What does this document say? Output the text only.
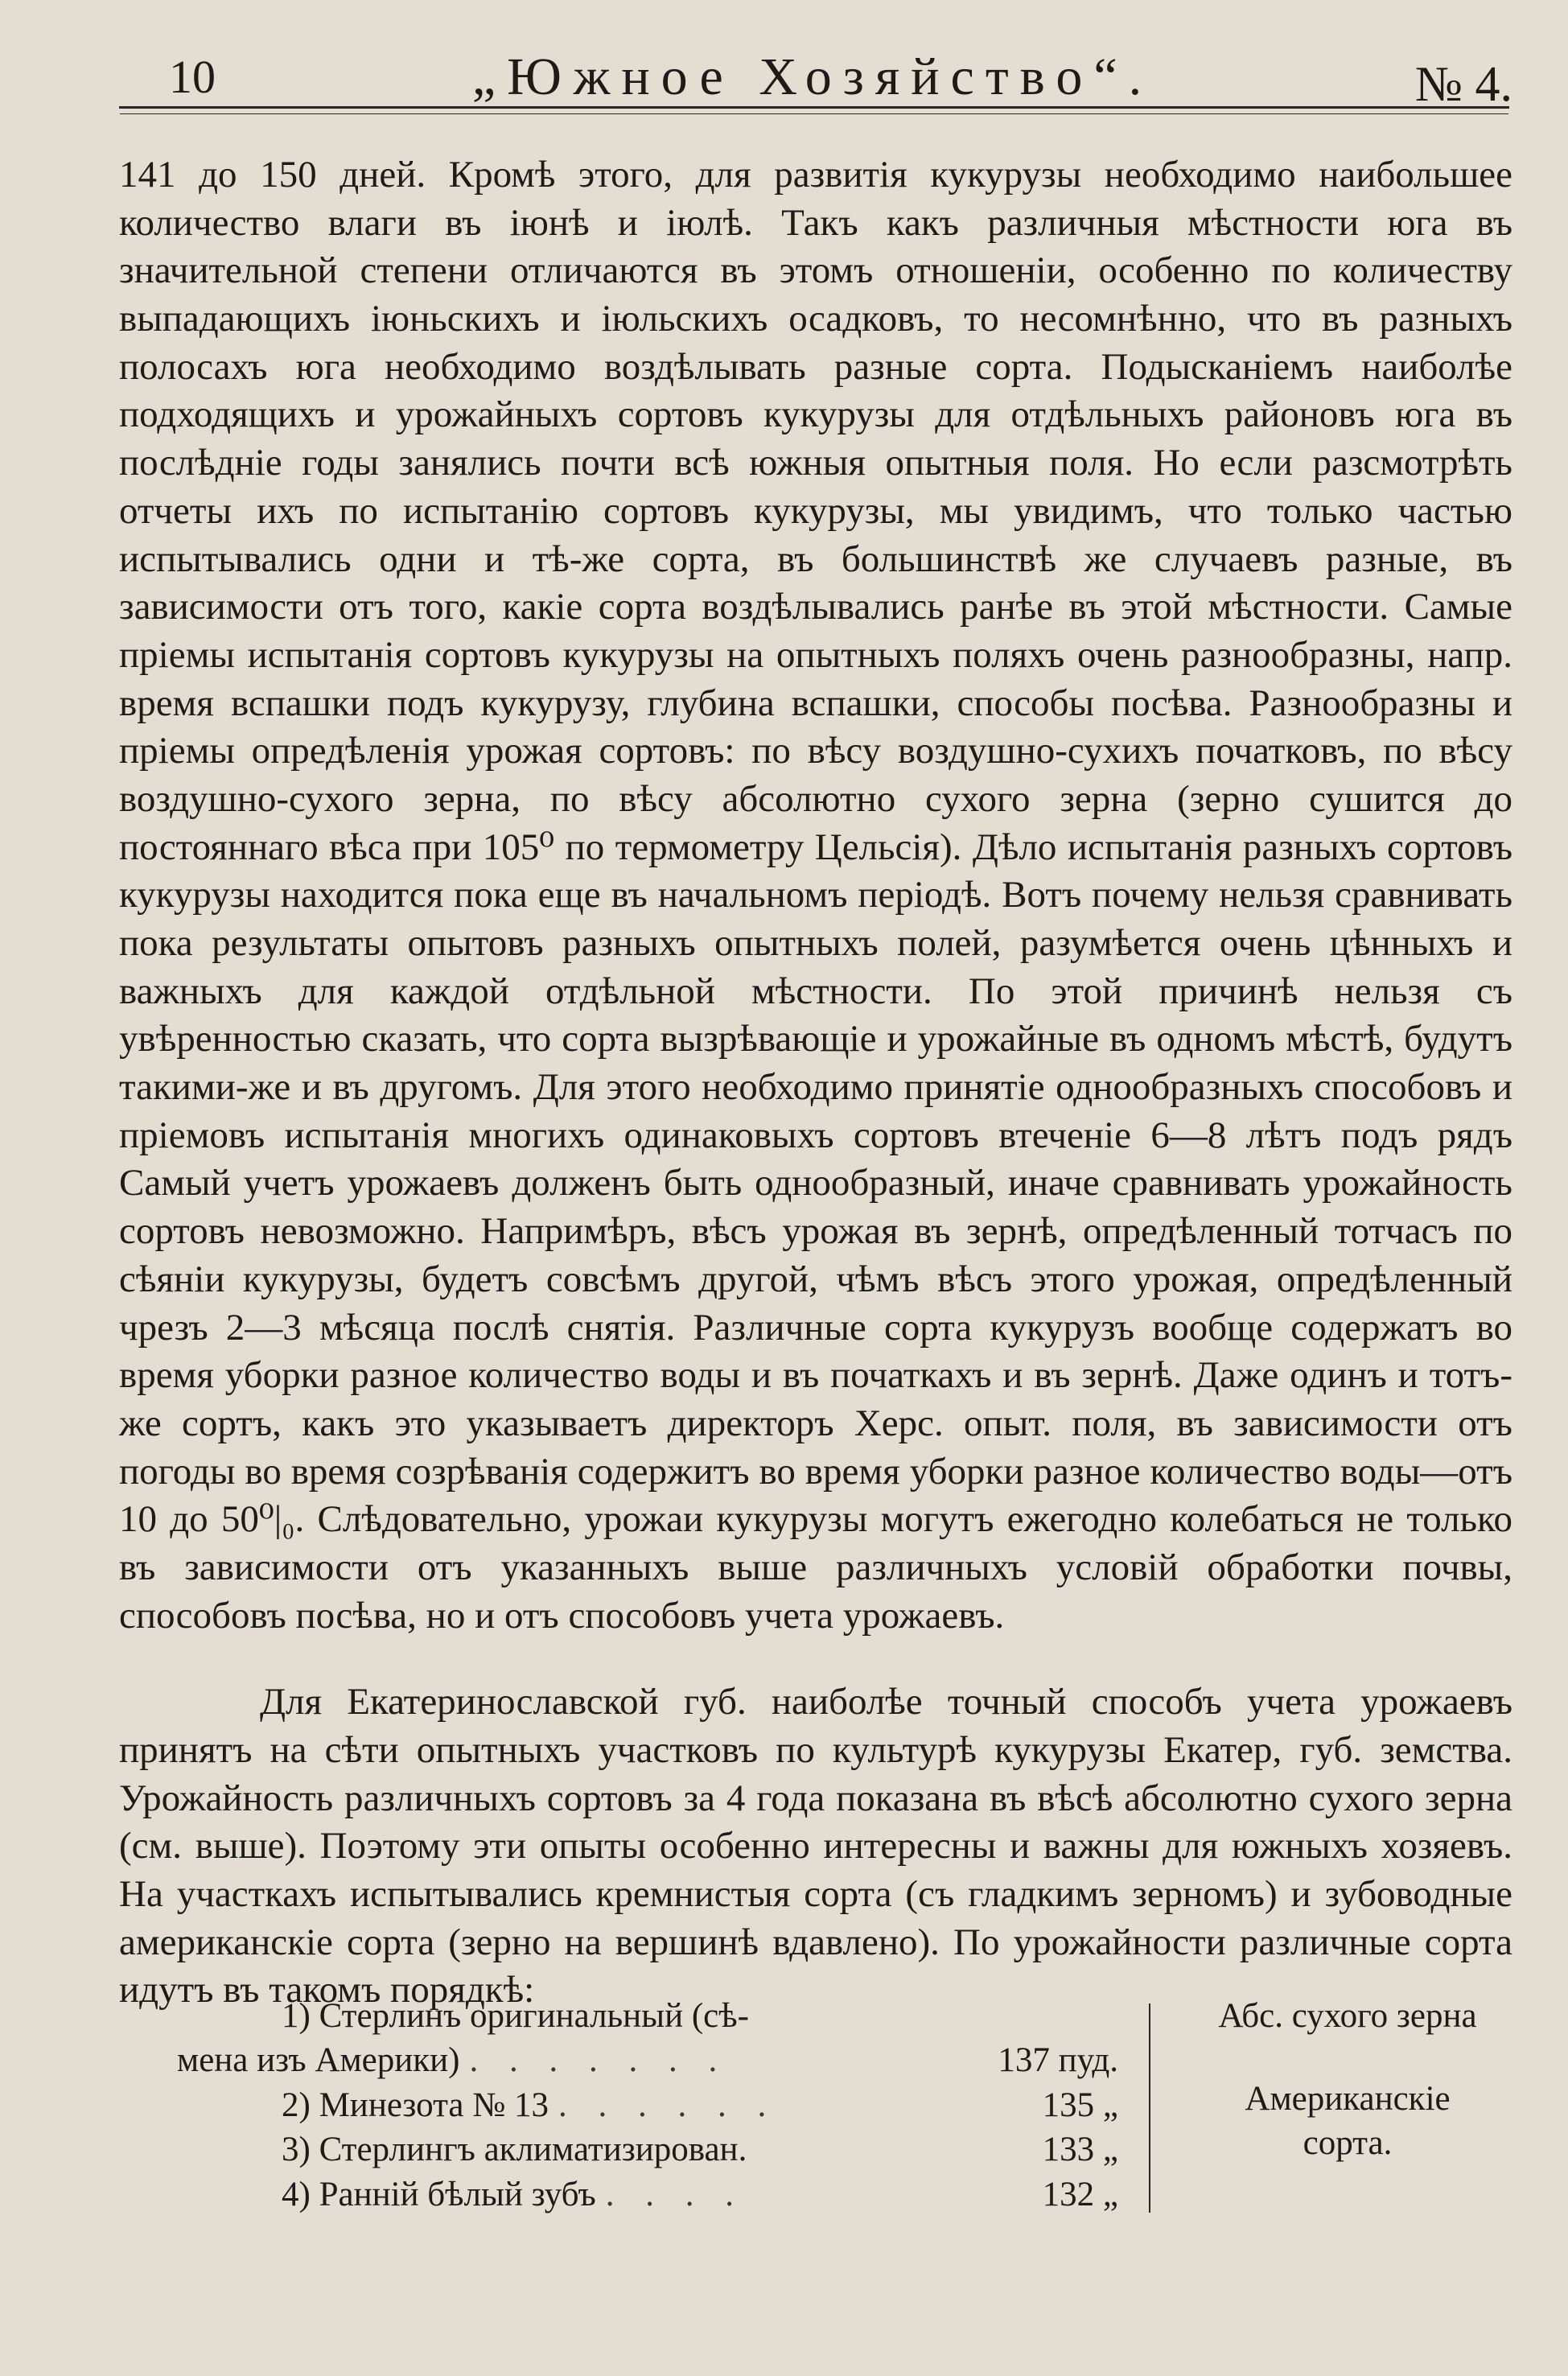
10	„Южное Хозяйство“.	№ 4.

141 до 150 дней. Кромѣ этого, для развитія кукурузы необходимо наибольшее количество влаги въ іюнѣ и іюлѣ. Такъ какъ различныя мѣстности юга въ значительной степени отличаются въ этомъ отношеніи, особенно по количеству выпадающихъ іюньскихъ и іюльскихъ осадковъ, то несомнѣнно, что въ разныхъ полосахъ юга необходимо воздѣлывать разные сорта. Подысканіемъ наиболѣе подходящихъ и урожайныхъ сортовъ кукурузы для отдѣльныхъ районовъ юга въ послѣдніе годы занялись почти всѣ южныя опытныя поля. Но если разсмотрѣть отчеты ихъ по испытанію сортовъ кукурузы, мы увидимъ, что только частью испытывались одни и тѣ-же сорта, въ большинствѣ же случаевъ разные, въ зависимости отъ того, какіе сорта воздѣлывались ранѣе въ этой мѣстности. Самые пріемы испытанія сортовъ кукурузы на опытныхъ поляхъ очень разнообразны, напр. время вспашки подъ кукурузу, глубина вспашки, способы посѣва. Разнообразны и пріемы опредѣленія урожая сортовъ: по вѣсу воздушно-сухихъ початковъ, по вѣсу воздушно-сухого зерна, по вѣсу абсолютно сухого зерна (зерно сушится до постояннаго вѣса при 105⁰ по термометру Цельсія). Дѣло испытанія разныхъ сортовъ кукурузы находится пока еще въ начальномъ періодѣ. Вотъ почему нельзя сравнивать пока результаты опытовъ разныхъ опытныхъ полей, разумѣется очень цѣнныхъ и важныхъ для каждой отдѣльной мѣстности. По этой причинѣ нельзя съ увѣренностью сказать, что сорта вызрѣвающіе и урожайные въ одномъ мѣстѣ, будутъ такими-же и въ другомъ. Для этого необходимо принятіе однообразныхъ способовъ и пріемовъ испытанія многихъ одинаковыхъ сортовъ втеченіе 6—8 лѣтъ подъ рядъ Самый учетъ урожаевъ долженъ быть однообразный, иначе сравнивать урожайность сортовъ невозможно. Напримѣръ, вѣсъ урожая въ зернѣ, опредѣленный тотчасъ по сѣяніи кукурузы, будетъ совсѣмъ другой, чѣмъ вѣсъ этого урожая, опредѣленный чрезъ 2—3 мѣсяца послѣ снятія. Различные сорта кукурузъ вообще содержатъ во время уборки разное количество воды и въ початкахъ и въ зернѣ. Даже одинъ и тотъ-же сортъ, какъ это указываетъ директоръ Херс. опыт. поля, въ зависимости отъ погоды во время созрѣванія содержитъ во время уборки разное количество воды—отъ 10 до 50⁰|₀. Слѣдовательно, урожаи кукурузы могутъ ежегодно колебаться не только въ зависимости отъ указанныхъ выше различныхъ условій обработки почвы, способовъ посѣва, но и отъ способовъ учета урожаевъ.

Для Екатеринославской губ. наиболѣе точный способъ учета урожаевъ принятъ на сѣти опытныхъ участковъ по культурѣ кукурузы Екатер, губ. земства. Урожайность различныхъ сортовъ за 4 года показана въ вѣсѣ абсолютно сухого зерна (см. выше). Поэтому эти опыты особенно интересны и важны для южныхъ хозяевъ. На участкахъ испытывались кремнистыя сорта (съ гладкимъ зерномъ) и зубоводные американскіе сорта (зерно на вершинѣ вдавлено). По урожайности различные сорта идутъ въ такомъ порядкѣ:

1) Стерлинъ оригинальный (сѣ-
мена изъ Америки) . . . . . . .	137 пуд.
2) Минезота № 13 . . . . . .	135 „
3) Стерлингъ аклиматизирован.	133 „
4) Ранній бѣлый зубъ . . . .	132 „
Абс. сухого зерна
Американскіе
сорта.
